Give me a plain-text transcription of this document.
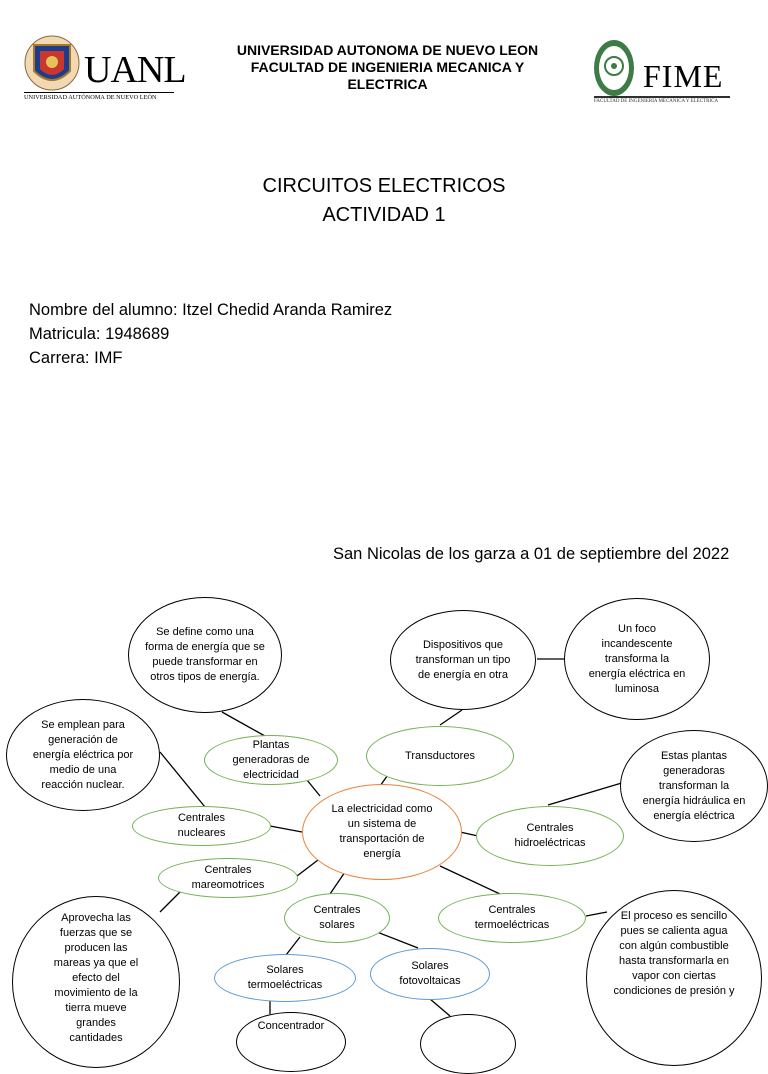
UANL
UNIVERSIDAD AUTÓNOMA DE NUEVO LEÓN
UNIVERSIDAD AUTONOMA DE NUEVO LEON
FACULTAD DE INGENIERIA MECANICA Y
ELECTRICA	FIME
FACULTAD DE INGENIERÍA MECÁNICA Y ELÉCTRICA
CIRCUITOS ELECTRICOS
ACTIVIDAD 1
Nombre del alumno: Itzel Chedid Aranda Ramirez
Matricula: 1948689
Carrera: IMF
San Nicolas de los garza a 01 de septiembre del 2022
Se define como una forma de energía que se puede transformar en otros tipos de energía.
Dispositivos que transforman un tipo de energía en otra
Un foco incandescente transforma la energía eléctrica en luminosa
Plantas generadoras de electricidad
Transductores
Se emplean para generación de energía eléctrica por medio de una reacción nuclear.
Estas plantas generadoras transforman la energía hidráulica en energía eléctrica
Centrales nucleares
La electricidad como un sistema de transportación de energía
Centrales hidroeléctricas
Centrales mareomotrices
Centrales solares
Centrales termoeléctricas
Aprovecha las fuerzas que se producen las mareas ya que el efecto del movimiento de la tierra mueve grandes cantidades
El proceso es sencillo pues se calienta agua con algún combustible hasta transformarla en vapor con ciertas condiciones de presión y
Solares termoeléctricas
Solares fotovoltaicas
Concentrador
